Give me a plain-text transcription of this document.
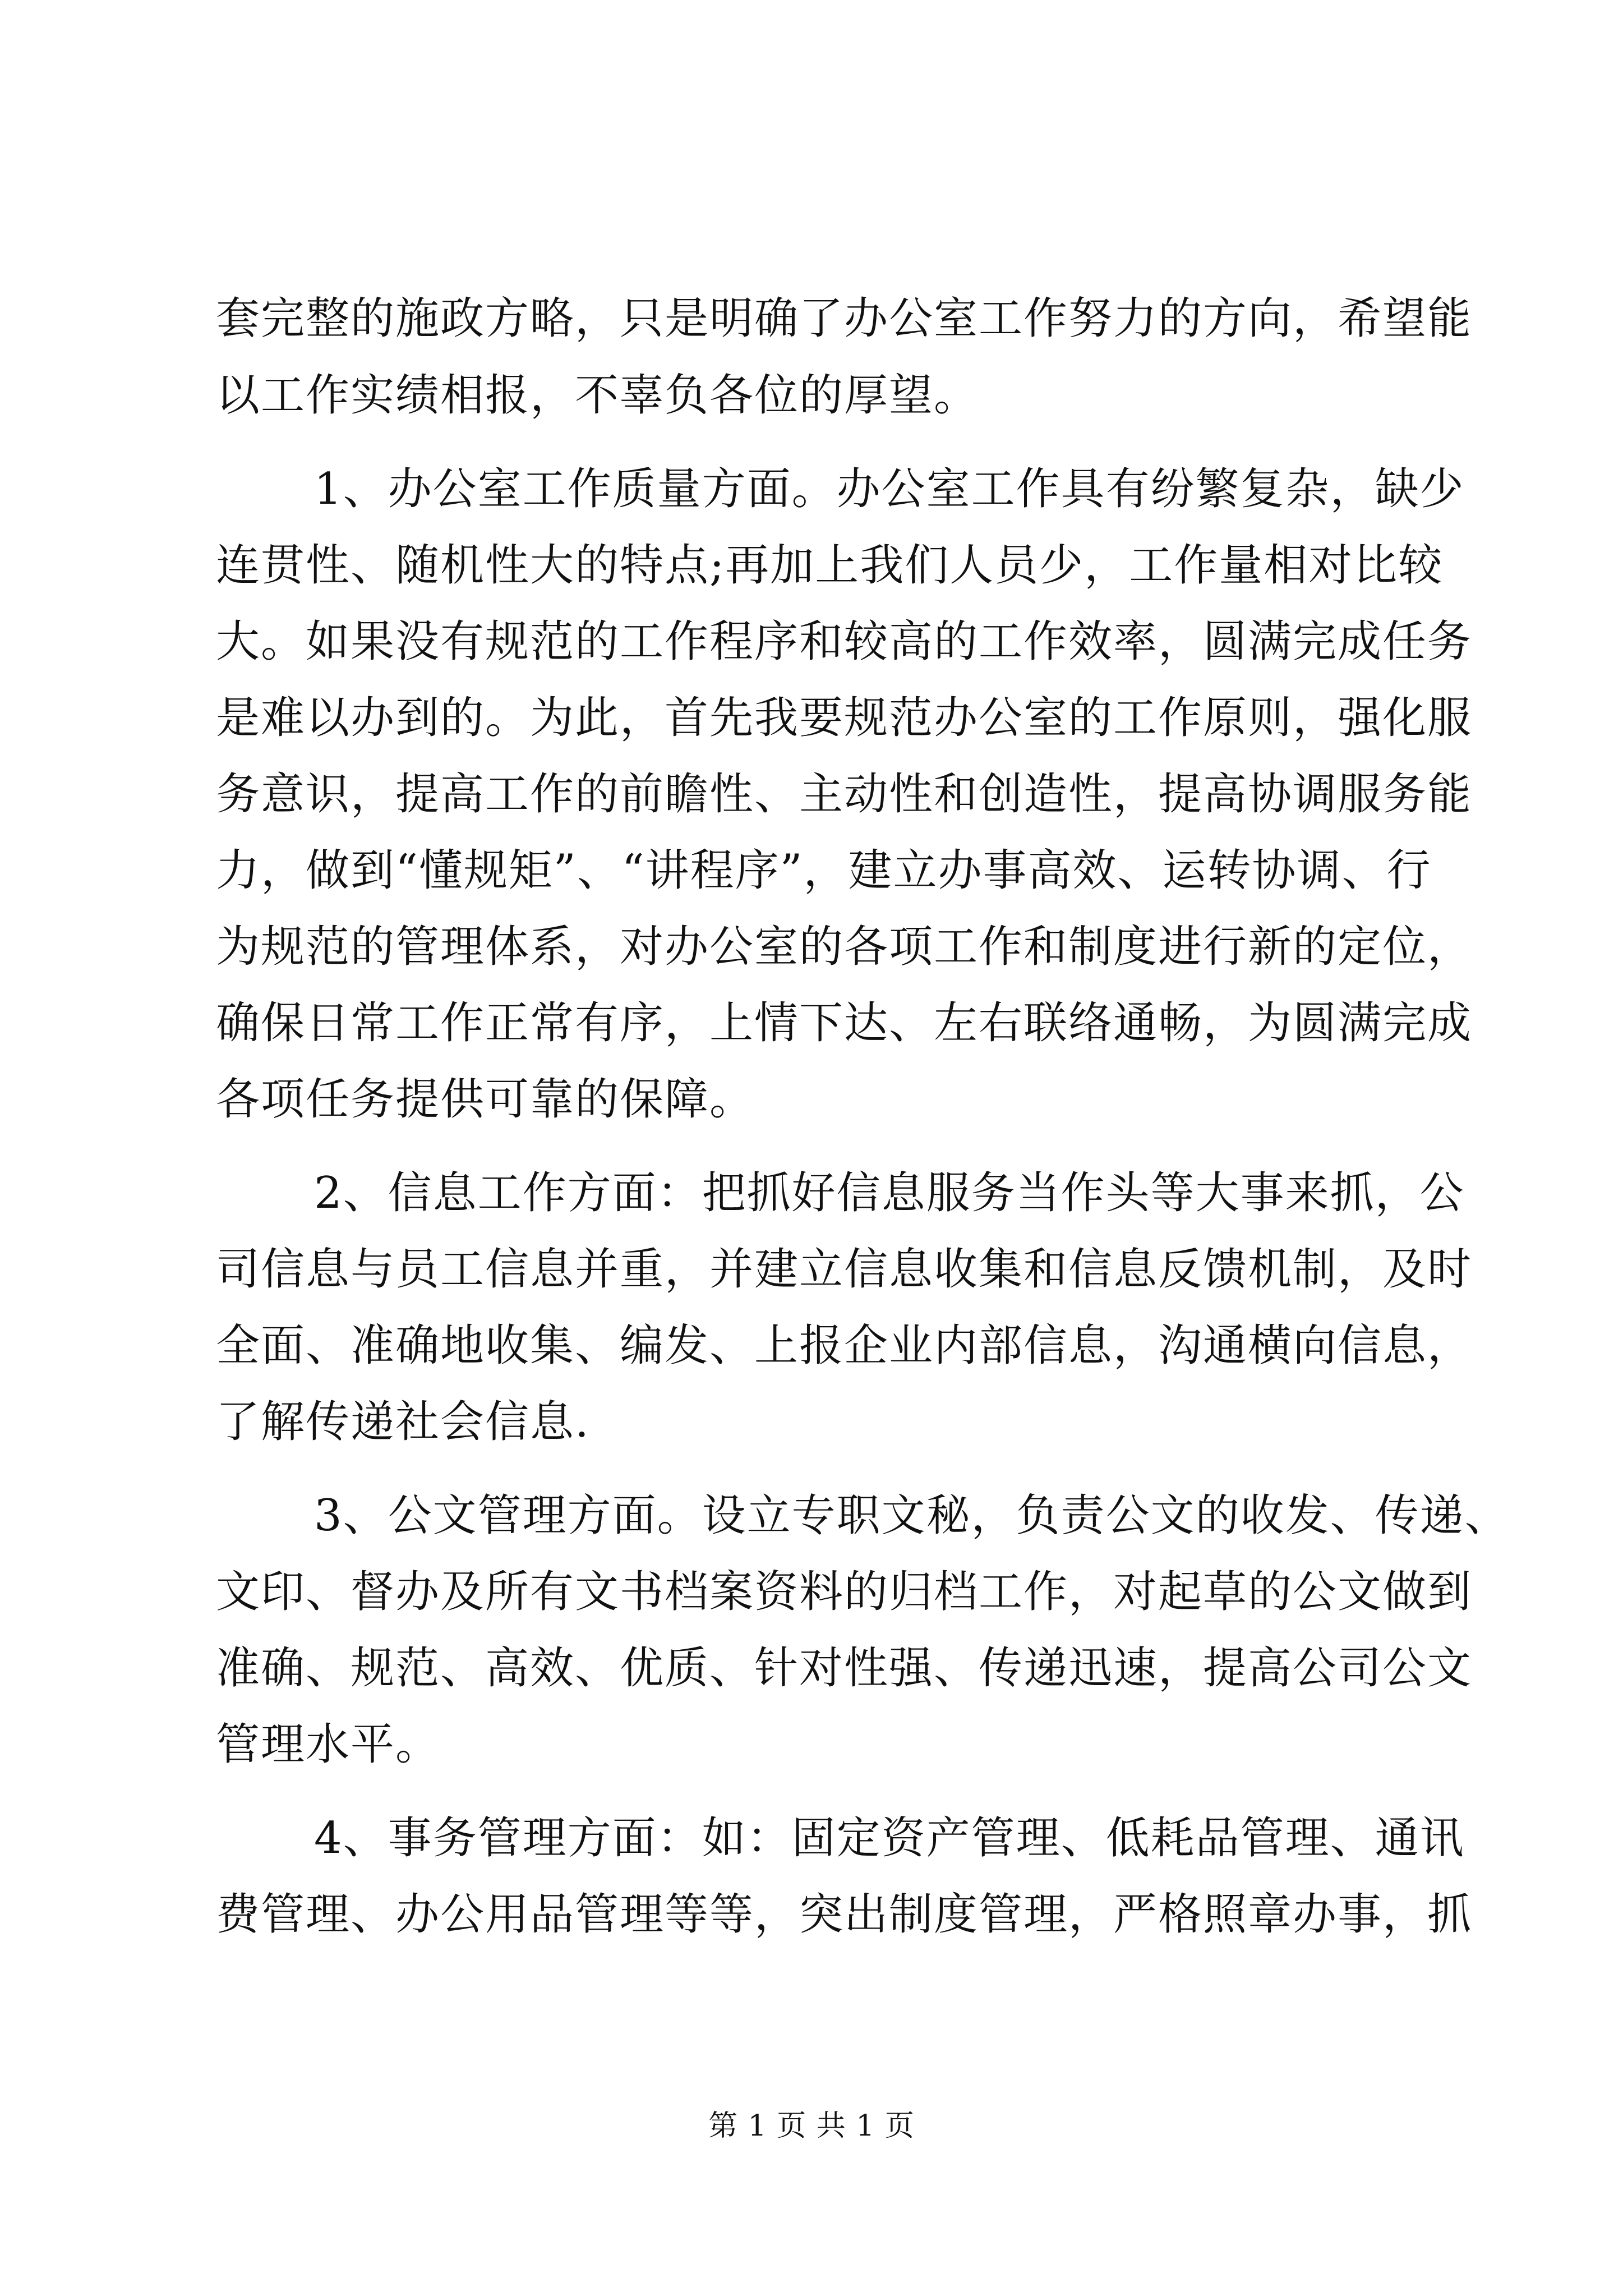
套完整的施政方略，只是明确了办公室工作努力的方向，希望能
以工作实绩相报，不辜负各位的厚望。
1、办公室工作质量方面。办公室工作具有纷繁复杂，缺少
连贯性、随机性大的特点;再加上我们人员少，工作量相对比较
大。如果没有规范的工作程序和较高的工作效率，圆满完成任务
是难以办到的。为此，首先我要规范办公室的工作原则，强化服
务意识，提高工作的前瞻性、主动性和创造性，提高协调服务能
力，做到“懂规矩”、“讲程序”，建立办事高效、运转协调、行
为规范的管理体系，对办公室的各项工作和制度进行新的定位，
确保日常工作正常有序，上情下达、左右联络通畅，为圆满完成
各项任务提供可靠的保障。
2、信息工作方面：把抓好信息服务当作头等大事来抓，公
司信息与员工信息并重，并建立信息收集和信息反馈机制，及时
全面、准确地收集、编发、上报企业内部信息，沟通横向信息，
了解传递社会信息.
3、公文管理方面。设立专职文秘，负责公文的收发、传递、
文印、督办及所有文书档案资料的归档工作，对起草的公文做到
准确、规范、高效、优质、针对性强、传递迅速，提高公司公文
管理水平。
4、事务管理方面：如：固定资产管理、低耗品管理、通讯
费管理、办公用品管理等等，突出制度管理，严格照章办事，抓
第 1 页 共 1 页
